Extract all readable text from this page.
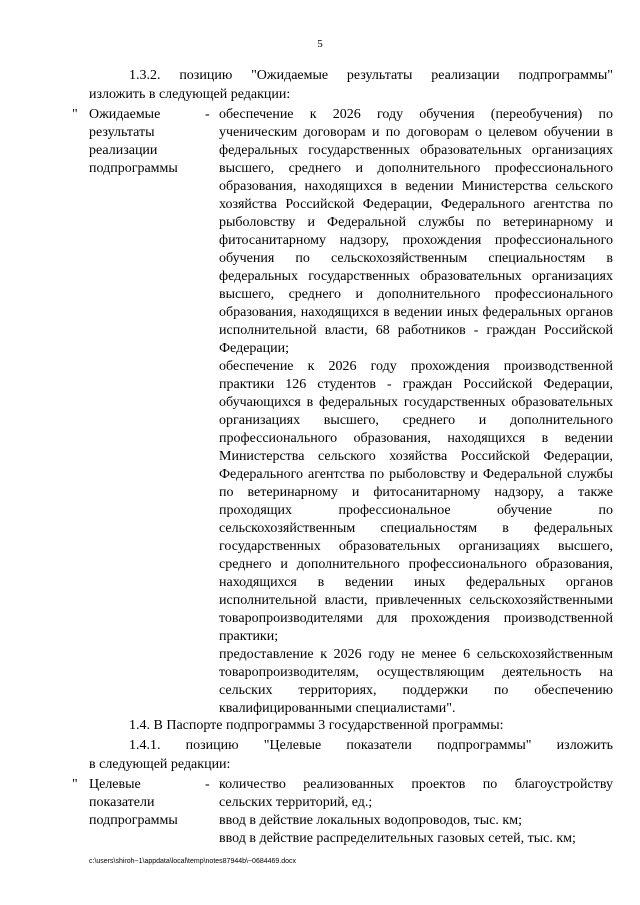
5
1.3.2.  позицию  "Ожидаемые  результаты  реализации  подпрограммы"
изложить в следующей редакции:
" Ожидаемые результаты реализации подпрограммы
- обеспечение к 2026 году обучения (переобучения) по ученическим договорам и по договорам о целевом обучении в федеральных государственных образовательных организациях высшего, среднего и дополнительного профессионального образования, находящихся в ведении Министерства сельского хозяйства Российской Федерации, Федерального агентства по рыболовству и Федеральной службы по ветеринарному и фитосанитарному надзору, прохождения профессионального обучения по сельскохозяйственным специальностям в федеральных государственных образовательных организациях высшего, среднего и дополнительного профессионального образования, находящихся в ведении иных федеральных органов исполнительной власти, 68 работников - граждан Российской Федерации;

обеспечение к 2026 году прохождения производственной практики 126 студентов - граждан Российской Федерации, обучающихся в федеральных государственных образовательных организациях высшего, среднего и дополнительного профессионального образования, находящихся в ведении Министерства сельского хозяйства Российской Федерации, Федерального агентства по рыболовству и Федеральной службы по ветеринарному и фитосанитарному надзору, а также проходящих профессиональное обучение по сельскохозяйственным специальностям в федеральных государственных образовательных организациях высшего, среднего и дополнительного профессионального образования, находящихся в ведении иных федеральных органов исполнительной власти, привлеченных сельскохозяйственными товаропроизводителями для прохождения производственной практики;

предоставление к 2026 году не менее 6 сельскохозяйственным товаропроизводителям, осуществляющим деятельность на сельских территориях, поддержки по обеспечению квалифицированными специалистами".

1.4. В Паспорте подпрограммы 3 государственной программы:
1.4.1.  позицию  "Целевые  показатели  подпрограммы"  изложить
в следующей редакции:
" Целевые показатели подпрограммы
- количество реализованных проектов по благоустройству сельских территорий, ед.;

ввод в действие локальных водопроводов, тыс. км;

ввод в действие распределительных газовых сетей, тыс. км;

c:\users\shiroh~1\appdata\local\temp\notes87944b\~0684469.docx
